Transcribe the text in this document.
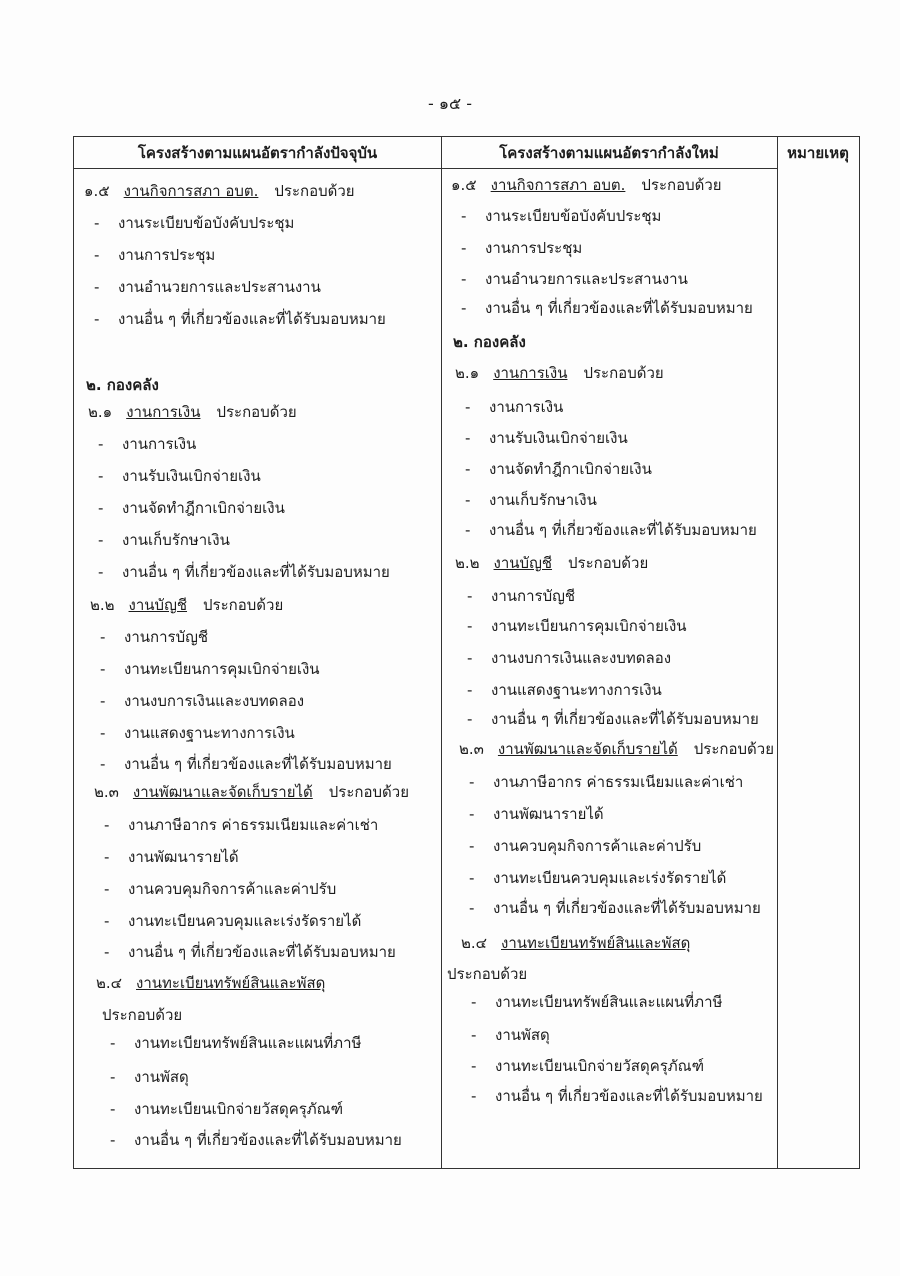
- ๑๕ -
โครงสร้างตามแผนอัตรากำลังปัจจุบัน
๑.๕ งานกิจการสภา อบต. ประกอบด้วย
- งานระเบียบข้อบังคับประชุม
- งานการประชุม
- งานอำนวยการและประสานงาน
- งานอื่น ๆ ที่เกี่ยวข้องและที่ได้รับมอบหมาย
๒. กองคลัง
๒.๑ งานการเงิน ประกอบด้วย
- งานการเงิน
- งานรับเงินเบิกจ่ายเงิน
- งานจัดทำฎีกาเบิกจ่ายเงิน
- งานเก็บรักษาเงิน
- งานอื่น ๆ ที่เกี่ยวข้องและที่ได้รับมอบหมาย
๒.๒ งานบัญชี ประกอบด้วย
- งานการบัญชี
- งานทะเบียนการคุมเบิกจ่ายเงิน
- งานงบการเงินและงบทดลอง
- งานแสดงฐานะทางการเงิน
- งานอื่น ๆ ที่เกี่ยวข้องและที่ได้รับมอบหมาย
๒.๓ งานพัฒนาและจัดเก็บรายได้ ประกอบด้วย
- งานภาษีอากร ค่าธรรมเนียมและค่าเช่า
- งานพัฒนารายได้
- งานควบคุมกิจการค้าและค่าปรับ
- งานทะเบียนควบคุมและเร่งรัดรายได้
- งานอื่น ๆ ที่เกี่ยวข้องและที่ได้รับมอบหมาย
๒.๔ งานทะเบียนทรัพย์สินและพัสดุ
ประกอบด้วย
- งานทะเบียนทรัพย์สินและแผนที่ภาษี
- งานพัสดุ
- งานทะเบียนเบิกจ่ายวัสดุครุภัณฑ์
- งานอื่น ๆ ที่เกี่ยวข้องและที่ได้รับมอบหมาย
โครงสร้างตามแผนอัตรากำลังใหม่
๑.๕ งานกิจการสภา อบต. ประกอบด้วย
- งานระเบียบข้อบังคับประชุม
- งานการประชุม
- งานอำนวยการและประสานงาน
- งานอื่น ๆ ที่เกี่ยวข้องและที่ได้รับมอบหมาย
๒. กองคลัง
๒.๑ งานการเงิน ประกอบด้วย
- งานการเงิน
- งานรับเงินเบิกจ่ายเงิน
- งานจัดทำฎีกาเบิกจ่ายเงิน
- งานเก็บรักษาเงิน
- งานอื่น ๆ ที่เกี่ยวข้องและที่ได้รับมอบหมาย
๒.๒ งานบัญชี ประกอบด้วย
- งานการบัญชี
- งานทะเบียนการคุมเบิกจ่ายเงิน
- งานงบการเงินและงบทดลอง
- งานแสดงฐานะทางการเงิน
- งานอื่น ๆ ที่เกี่ยวข้องและที่ได้รับมอบหมาย
๒.๓ งานพัฒนาและจัดเก็บรายได้ ประกอบด้วย
- งานภาษีอากร ค่าธรรมเนียมและค่าเช่า
- งานพัฒนารายได้
- งานควบคุมกิจการค้าและค่าปรับ
- งานทะเบียนควบคุมและเร่งรัดรายได้
- งานอื่น ๆ ที่เกี่ยวข้องและที่ได้รับมอบหมาย
๒.๔ งานทะเบียนทรัพย์สินและพัสดุ
ประกอบด้วย
- งานทะเบียนทรัพย์สินและแผนที่ภาษี
- งานพัสดุ
- งานทะเบียนเบิกจ่ายวัสดุครุภัณฑ์
- งานอื่น ๆ ที่เกี่ยวข้องและที่ได้รับมอบหมาย
หมายเหตุ
